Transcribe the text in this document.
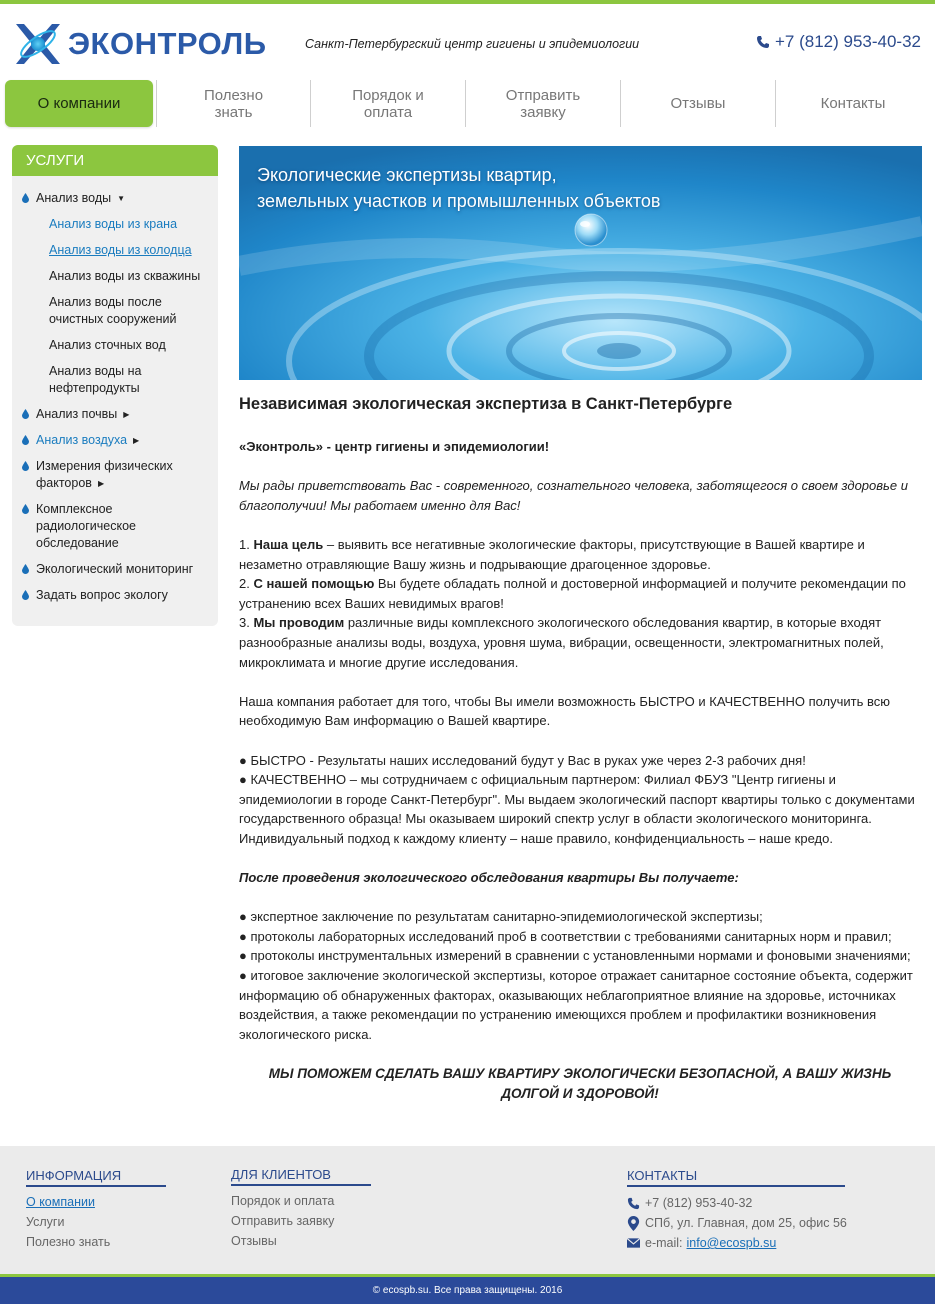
ЭКОНТРОЛЬ	Санкт-Петербургский центр гигиены и эпидемиологии	+7 (812) 953-40-32
О компании	Полезно знать
Порядок и оплата
Отправить заявку	Отзывы	Контакты
УСЛУГИ
Анализ воды ▼
Анализ воды из крана
Анализ воды из колодца
Анализ воды из скважины
Анализ воды после очистных сооружений
Анализ сточных вод
Анализ воды на нефтепродукты
Анализ почвы ▶
Анализ воздуха ▶
Измерения физических факторов ▶
Комплексное радиологическое обследование
Экологический мониторинг
Задать вопрос экологу
Экологические экспертизы квартир,
земельных участков и промышленных объектов
Независимая экологическая экспертиза в Санкт-Петербурге
«Эконтроль» - центр гигиены и эпидемиологии!
Мы рады приветствовать Вас - современного, сознательного человека, заботящегося о своем здоровье и благополучии! Мы работаем именно для Вас!
1. Наша цель – выявить все негативные экологические факторы, присутствующие в Вашей квартире и незаметно отравляющие Вашу жизнь и подрывающие драгоценное здоровье.
2. С нашей помощью Вы будете обладать полной и достоверной информацией и получите рекомендации по устранению всех Ваших невидимых врагов!
3. Мы проводим различные виды комплексного экологического обследования квартир, в которые входят разнообразные анализы воды, воздуха, уровня шума, вибрации, освещенности, электромагнитных полей, микроклимата и многие другие исследования.
Наша компания работает для того, чтобы Вы имели возможность БЫСТРО и КАЧЕСТВЕННО получить всю необходимую Вам информацию о Вашей квартире.
● БЫСТРО - Результаты наших исследований будут у Вас в руках уже через 2-3 рабочих дня!
● КАЧЕСТВЕННО – мы сотрудничаем с официальным партнером: Филиал ФБУЗ "Центр гигиены и эпидемиологии в городе Санкт-Петербург". Мы выдаем экологический паспорт квартиры только с документами государственного образца! Мы оказываем широкий спектр услуг в области экологического мониторинга. Индивидуальный подход к каждому клиенту – наше правило, конфиденциальность – наше кредо.
После проведения экологического обследования квартиры Вы получаете:
● экспертное заключение по результатам санитарно-эпидемиологической экспертизы;
● протоколы лабораторных исследований проб в соответствии с требованиями санитарных норм и правил;
● протоколы инструментальных измерений в сравнении с установленными нормами и фоновыми значениями;
● итоговое заключение экологической экспертизы, которое отражает санитарное состояние объекта, содержит информацию об обнаруженных факторах, оказывающих неблагоприятное влияние на здоровье, источниках воздействия, а также рекомендации по устранению имеющихся проблем и профилактики возникновения экологического риска.
МЫ ПОМОЖЕМ СДЕЛАТЬ ВАШУ КВАРТИРУ ЭКОЛОГИЧЕСКИ БЕЗОПАСНОЙ, А ВАШУ ЖИЗНЬ ДОЛГОЙ И ЗДОРОВОЙ!
ИНФОРМАЦИЯ
О компании
Услуги
Полезно знать
ДЛЯ КЛИЕНТОВ
Порядок и оплата
Отправить заявку
Отзывы
КОНТАКТЫ
+7 (812) 953-40-32
СПб, ул. Главная, дом 25, офис 56
e-mail: info@ecospb.su
© ecospb.su. Все права защищены. 2016
